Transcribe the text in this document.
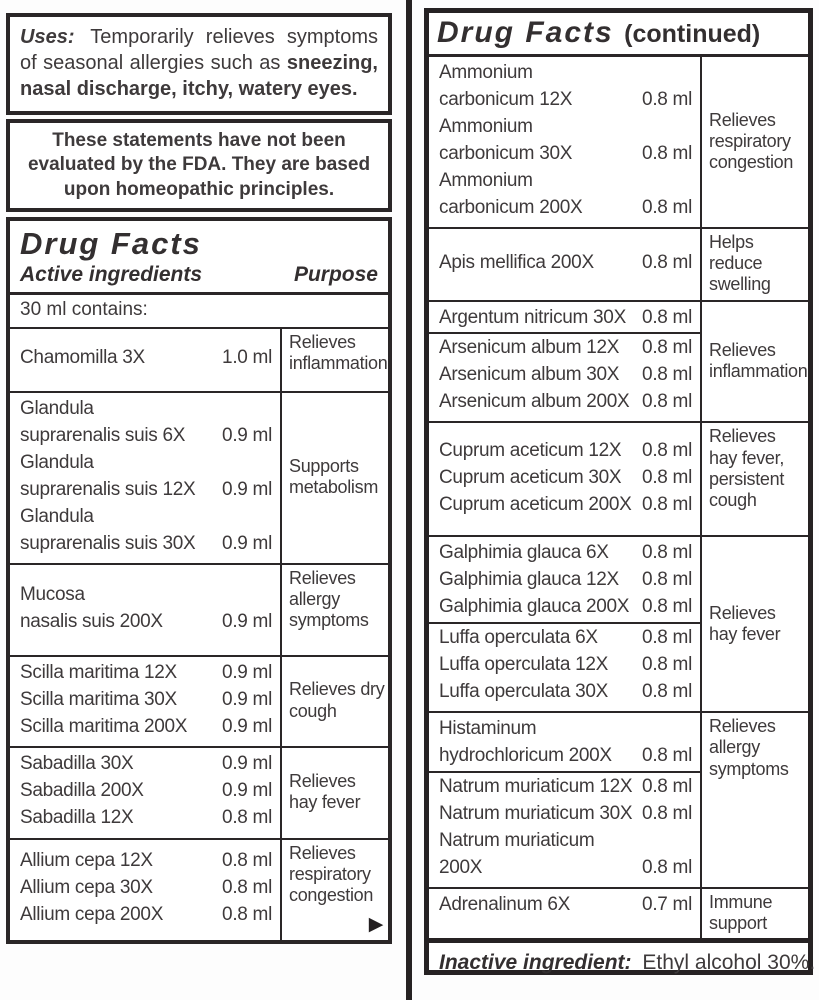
Uses: Temporarily relieves symptoms of seasonal allergies such as sneezing, nasal discharge, itchy, watery eyes.
These statements have not been evaluated by the FDA. They are based upon homeopathic principles.
Drug Facts
Active ingredients	Purpose
30 ml contains:
Chamomilla 3X	1.0 ml
Relieves inflammation
Glandula
suprarenalis suis 6X	0.9 ml
Glandula
suprarenalis suis 12X	0.9 ml
Glandula
suprarenalis suis 30X	0.9 ml
Supports metabolism
Mucosa
nasalis suis 200X	0.9 ml
Relieves allergy symptoms
Scilla maritima 12X	0.9 ml
Scilla maritima 30X	0.9 ml
Scilla maritima 200X	0.9 ml
Relieves dry cough
Sabadilla 30X	0.9 ml
Sabadilla 200X	0.9 ml
Sabadilla 12X	0.8 ml
Relieves hay fever
Allium cepa 12X	0.8 ml
Allium cepa 30X	0.8 ml
Allium cepa 200X	0.8 ml
Relieves respiratory congestion
▶
Drug Facts (continued)
Ammonium
carbonicum 12X	0.8 ml
Ammonium
carbonicum 30X	0.8 ml
Ammonium
carbonicum 200X	0.8 ml
Relieves respiratory congestion
Apis mellifica 200X	0.8 ml
Helps reduce swelling
Argentum nitricum 30X 0.8 ml
Arsenicum album 12X	0.8 ml
Arsenicum album 30X	0.8 ml
Arsenicum album 200X 0.8 ml
Relieves inflammation
Cuprum aceticum 12X	0.8 ml
Cuprum aceticum 30X	0.8 ml
Cuprum aceticum 200X 0.8 ml
Relieves hay fever, persistent cough
Galphimia glauca 6X	0.8 ml
Galphimia glauca 12X	0.8 ml
Galphimia glauca 200X 0.8 ml
Luffa operculata 6X	0.8 ml
Luffa operculata 12X	0.8 ml
Luffa operculata 30X	0.8 ml
Relieves hay fever
Histaminum
hydrochloricum 200X	0.8 ml
Natrum muriaticum 12X 0.8 ml
Natrum muriaticum 30X 0.8 ml
Natrum muriaticum 200X	0.8 ml
Relieves allergy symptoms
Adrenalinum 6X	0.7 ml Immune support
Inactive ingredient: Ethyl alcohol 30%.
